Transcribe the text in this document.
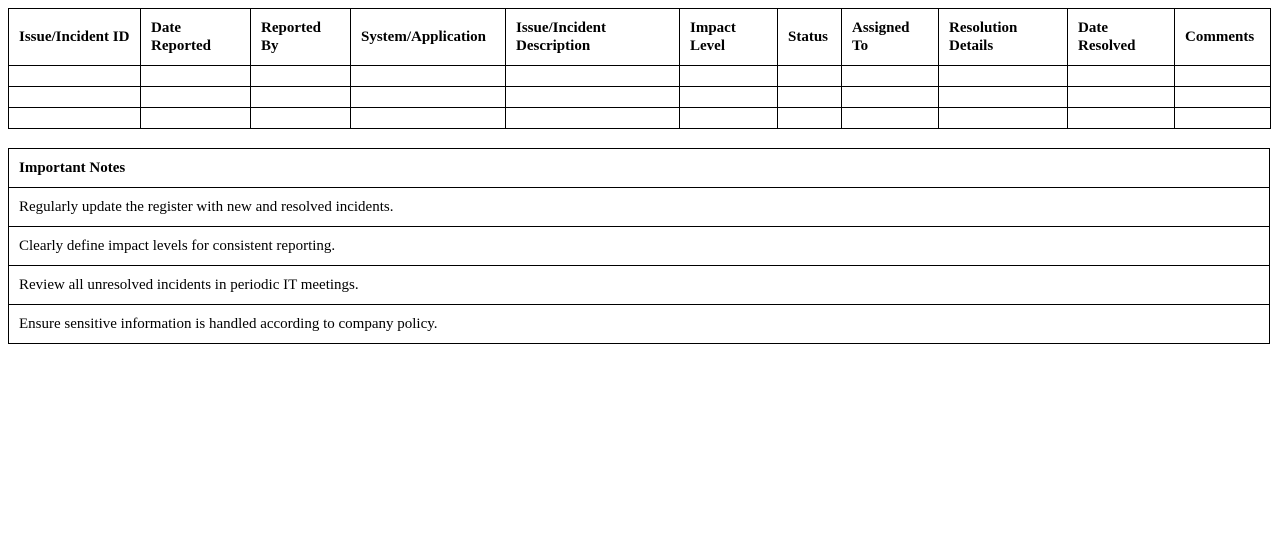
Issue/Incident ID	Date Reported	Reported By	System/Application	Issue/Incident Description	Impact Level	Status	Assigned To	Resolution Details	Date Resolved	Comments

Important Notes
Regularly update the register with new and resolved incidents.
Clearly define impact levels for consistent reporting.
Review all unresolved incidents in periodic IT meetings.
Ensure sensitive information is handled according to company policy.
